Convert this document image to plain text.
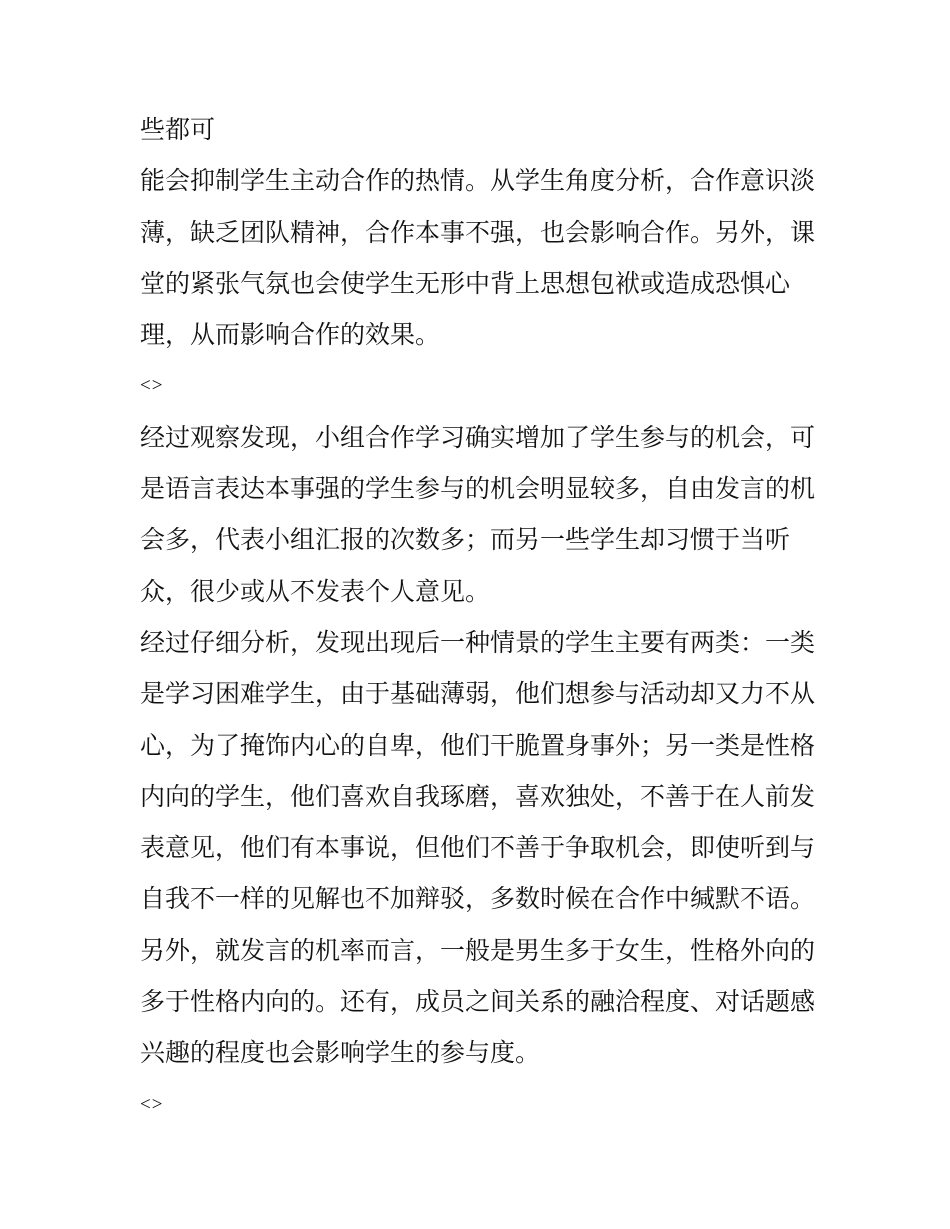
些都可

能会抑制学生主动合作的热情。从学生角度分析，合作意识淡
薄，缺乏团队精神，合作本事不强，也会影响合作。另外，课
堂的紧张气氛也会使学生无形中背上思想包袱或造成恐惧心
理，从而影响合作的效果。

<>

经过观察发现，小组合作学习确实增加了学生参与的机会，可
是语言表达本事强的学生参与的机会明显较多，自由发言的机
会多，代表小组汇报的次数多；而另一些学生却习惯于当听
众，很少或从不发表个人意见。

经过仔细分析，发现出现后一种情景的学生主要有两类：一类
是学习困难学生，由于基础薄弱，他们想参与活动却又力不从
心，为了掩饰内心的自卑，他们干脆置身事外；另一类是性格
内向的学生，他们喜欢自我琢磨，喜欢独处，不善于在人前发
表意见，他们有本事说，但他们不善于争取机会，即使听到与
自我不一样的见解也不加辩驳，多数时候在合作中缄默不语。
另外，就发言的机率而言，一般是男生多于女生，性格外向的
多于性格内向的。还有，成员之间关系的融洽程度、对话题感
兴趣的程度也会影响学生的参与度。

<>
